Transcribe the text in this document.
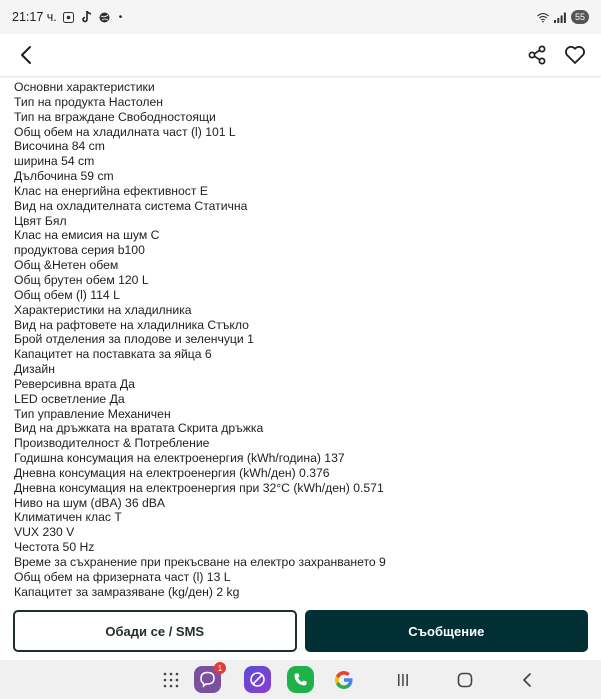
21:17 ч.	•	55
Основни характеристики
Тип на продукта Настолен
Тип на вграждане Свободностоящи
Общ обем на хладилната част (l) 101 L
Височина 84 cm
ширина 54 cm
Дълбочина 59 cm
Клас на енергийна ефективност E
Вид на охладителната система Статична
Цвят Бял
Клас на емисия на шум C
продуктова серия b100
Общ &Нетен обем
Общ брутен обем 120 L
Общ обем (l) 114 L
Характеристики на хладилника
Вид на рафтовете на хладилника Стъкло
Брой отделения за плодове и зеленчуци 1
Капацитет на поставката за яйца 6
Дизайн
Реверсивна врата Да
LED осветление Да
Тип управление Механичен
Вид на дръжката на вратата Скрита дръжка
Производителност & Потребление
Годишна консумация на електроенергия (kWh/година) 137
Дневна консумация на електроенергия (kWh/ден) 0.376
Дневна консумация на електроенергия при 32°C (kWh/ден) 0.571
Ниво на шум (dBA) 36 dBA
Климатичен клас T
VUX 230 V
Честота 50 Hz
Време за съхранение при прекъсване на електро захранването 9
Общ обем на фризерната част (l) 13 L
Капацитет за замразяване (kg/ден) 2 kg
Обади се / SMS	Съобщение
1
